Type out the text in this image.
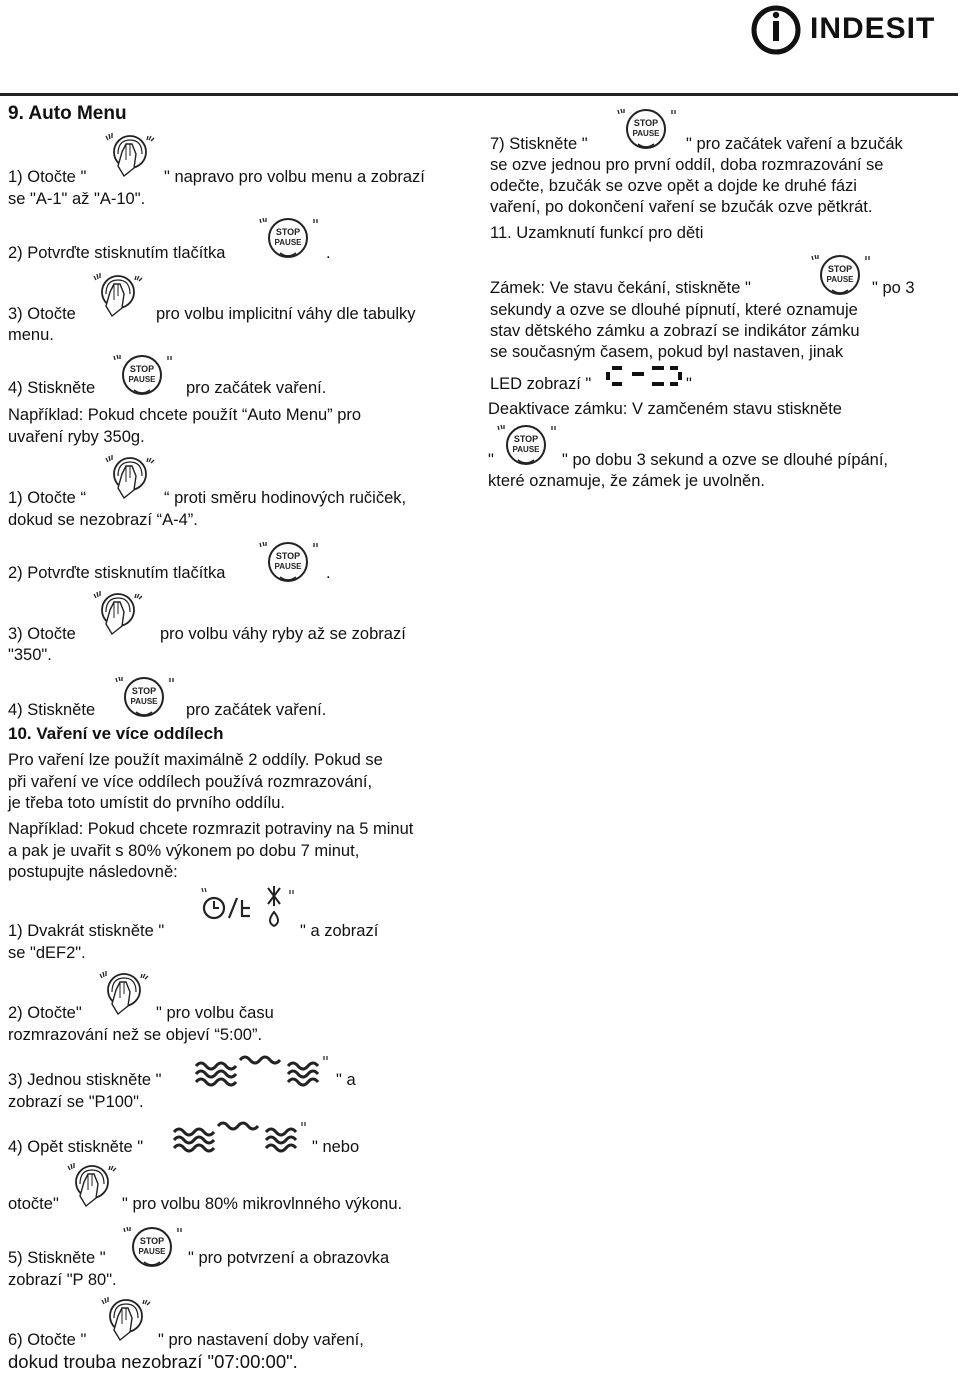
INDESIT
9. Auto Menu
1) Otočte "	" napravo pro volbu menu a zobrazí
se "A-1" až "A-10".
2) Potvrďte stisknutím tlačítka	.
3) Otočte	pro volbu implicitní váhy dle tabulky
menu.
4) Stiskněte	pro začátek vaření.
Například: Pokud chcete použít “Auto Menu” pro
uvaření ryby 350g.
1) Otočte “	“ proti směru hodinových ručiček,
dokud se nezobrazí “A-4”.
2) Potvrďte stisknutím tlačítka	.
3) Otočte	pro volbu váhy ryby až se zobrazí
"350".
4) Stiskněte	pro začátek vaření.
10. Vaření ve více oddílech
Pro vaření lze použít maximálně 2 oddíly. Pokud se
při vaření ve více oddílech používá rozmrazování,
je třeba toto umístit do prvního oddílu.
Například: Pokud chcete rozmrazit potraviny na 5 minut
a pak je uvařit s 80% výkonem po dobu 7 minut,
postupujte následovně:
1) Dvakrát stiskněte "	" a zobrazí
se "dEF2".
2) Otočte"	" pro volbu času
rozmrazování než se objeví “5:00”.
3) Jednou stiskněte "	" a
zobrazí se "P100".
4) Opět stiskněte "	" nebo
otočte"	" pro volbu 80% mikrovlnného výkonu.
5) Stiskněte "	" pro potvrzení a obrazovka
zobrazí "P 80".
6) Otočte "	" pro nastavení doby vaření,
dokud trouba nezobrazí "07:00:00".
7) Stiskněte "	" pro začátek vaření a bzučák
se ozve jednou pro první oddíl, doba rozmrazování se
odečte, bzučák se ozve opět a dojde ke druhé fázi
vaření, po dokončení vaření se bzučák ozve pětkrát.
11. Uzamknutí funkcí pro děti
Zámek: Ve stavu čekání, stiskněte "	" po 3
sekundy a ozve se dlouhé pípnutí, které oznamuje
stav dětského zámku a zobrazí se indikátor zámku
se současným časem, pokud byl nastaven, jinak
LED zobrazí "	"
Deaktivace zámku: V zamčeném stavu stiskněte
"	" po dobu 3 sekund a ozve se dlouhé pípání,
které oznamuje, že zámek je uvolněn.
